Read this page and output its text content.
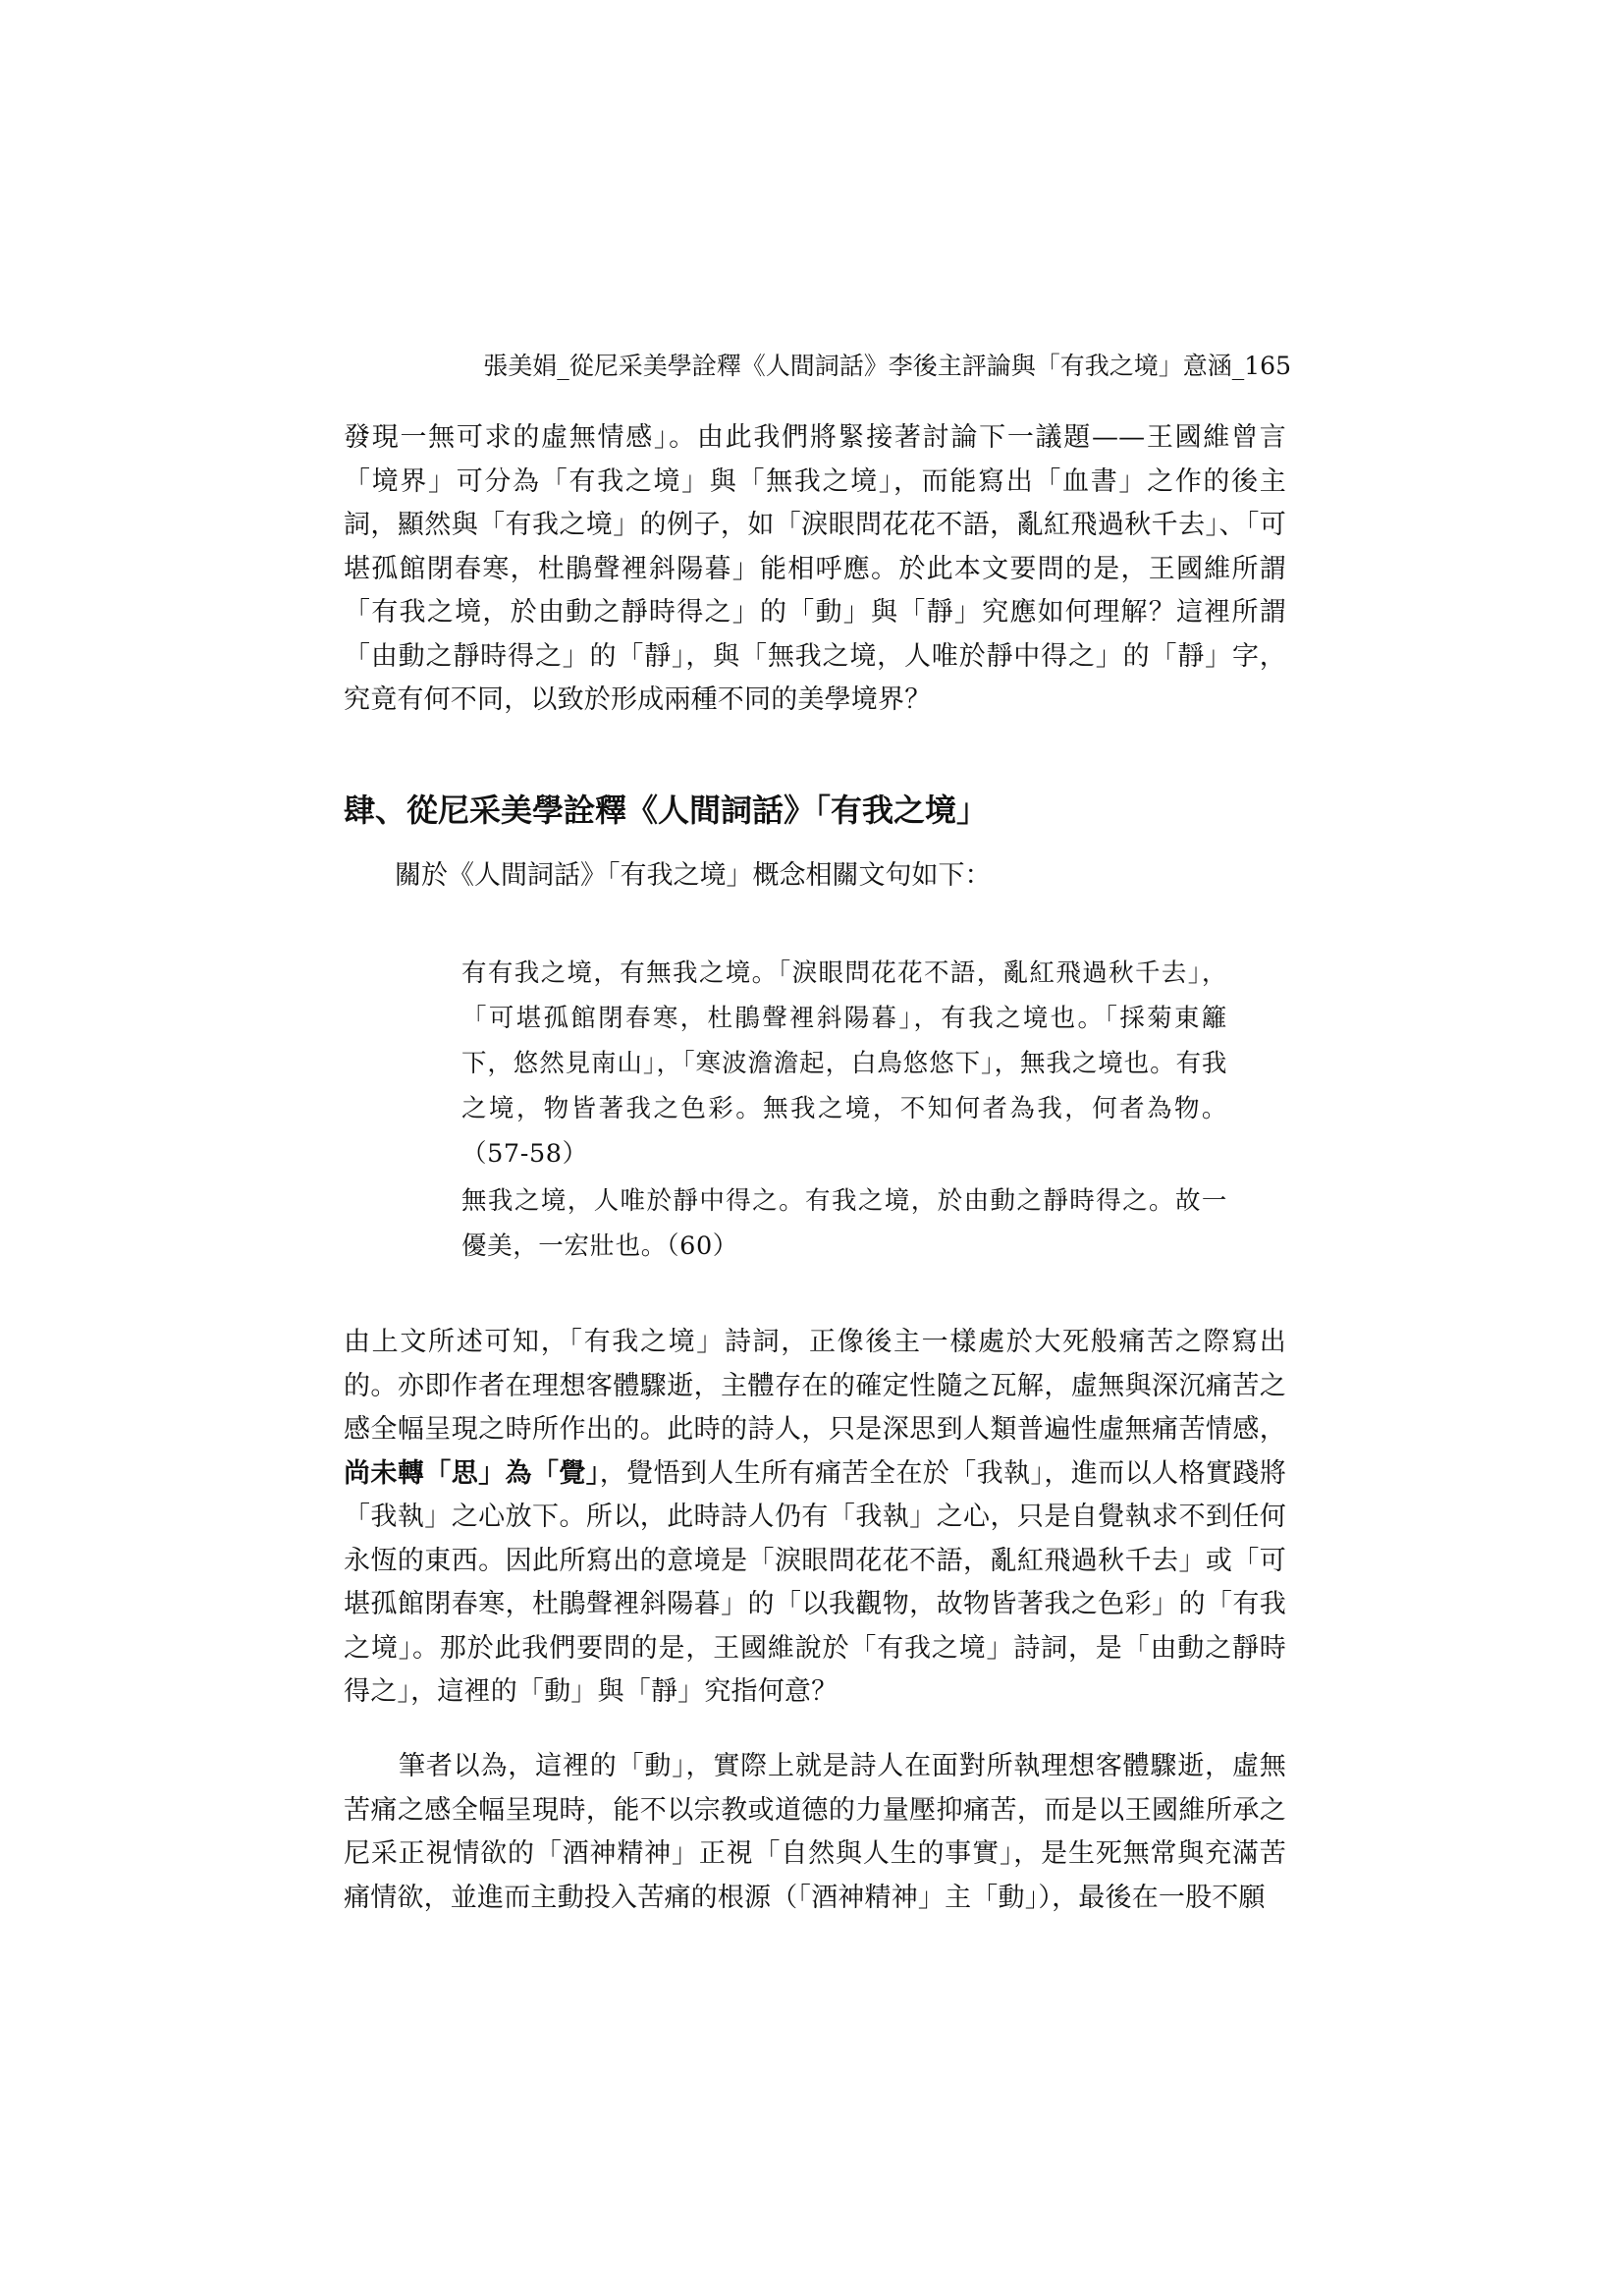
張美娟_從尼采美學詮釋《人間詞話》李後主評論與「有我之境」意涵_165

發現一無可求的虛無情感」。由此我們將緊接著討論下一議題——王國維曾言「境界」可分為「有我之境」與「無我之境」，而能寫出「血書」之作的後主詞，顯然與「有我之境」的例子，如「淚眼問花花不語，亂紅飛過秋千去」、「可堪孤館閉春寒，杜鵑聲裡斜陽暮」能相呼應。於此本文要問的是，王國維所謂「有我之境，於由動之靜時得之」的「動」與「靜」究應如何理解？這裡所謂「由動之靜時得之」的「靜」，與「無我之境，人唯於靜中得之」的「靜」字，究竟有何不同，以致於形成兩種不同的美學境界？

肆、從尼采美學詮釋《人間詞話》「有我之境」

關於《人間詞話》「有我之境」概念相關文句如下：

有有我之境，有無我之境。「淚眼問花花不語，亂紅飛過秋千去」，「可堪孤館閉春寒，杜鵑聲裡斜陽暮」，有我之境也。「採菊東籬下，悠然見南山」，「寒波澹澹起，白鳥悠悠下」，無我之境也。有我之境，物皆著我之色彩。無我之境，不知何者為我，何者為物。（57-58）

無我之境，人唯於靜中得之。有我之境，於由動之靜時得之。故一優美，一宏壯也。（60）

由上文所述可知，「有我之境」詩詞，正像後主一樣處於大死般痛苦之際寫出的。亦即作者在理想客體驟逝，主體存在的確定性隨之瓦解，虛無與深沉痛苦之感全幅呈現之時所作出的。此時的詩人，只是深思到人類普遍性虛無痛苦情感，尚未轉「思」為「覺」，覺悟到人生所有痛苦全在於「我執」，進而以人格實踐將「我執」之心放下。所以，此時詩人仍有「我執」之心，只是自覺執求不到任何永恆的東西。因此所寫出的意境是「淚眼問花花不語，亂紅飛過秋千去」或「可堪孤館閉春寒，杜鵑聲裡斜陽暮」的「以我觀物，故物皆著我之色彩」的「有我之境」。那於此我們要問的是，王國維說於「有我之境」詩詞，是「由動之靜時得之」，這裡的「動」與「靜」究指何意？

筆者以為，這裡的「動」，實際上就是詩人在面對所執理想客體驟逝，虛無苦痛之感全幅呈現時，能不以宗教或道德的力量壓抑痛苦，而是以王國維所承之尼采正視情欲的「酒神精神」正視「自然與人生的事實」，是生死無常與充滿苦痛情欲，並進而主動投入苦痛的根源（「酒神精神」主「動」），最後在一股不願
